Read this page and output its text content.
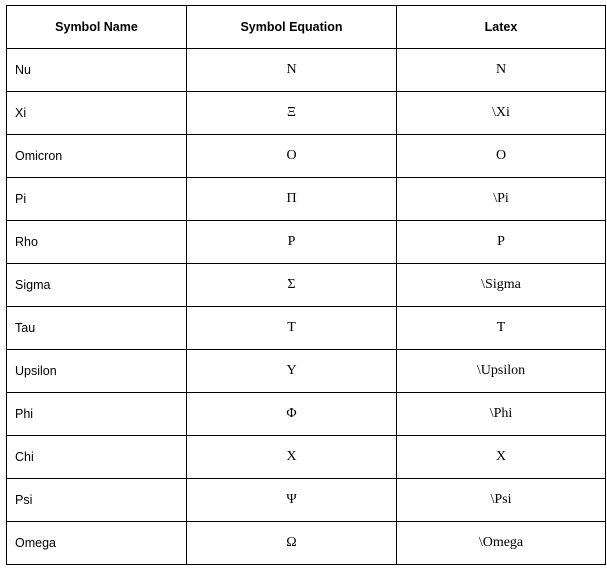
Symbol Name	Symbol Equation	Latex
Nu	N	N
Xi	Ξ	\Xi
Omicron	O	O
Pi	Π	\Pi
Rho	P	P
Sigma	Σ	\Sigma
Tau	T	T
Upsilon	Υ	\Upsilon
Phi	Φ	\Phi
Chi	X	X
Psi	Ψ	\Psi
Omega	Ω	\Omega
